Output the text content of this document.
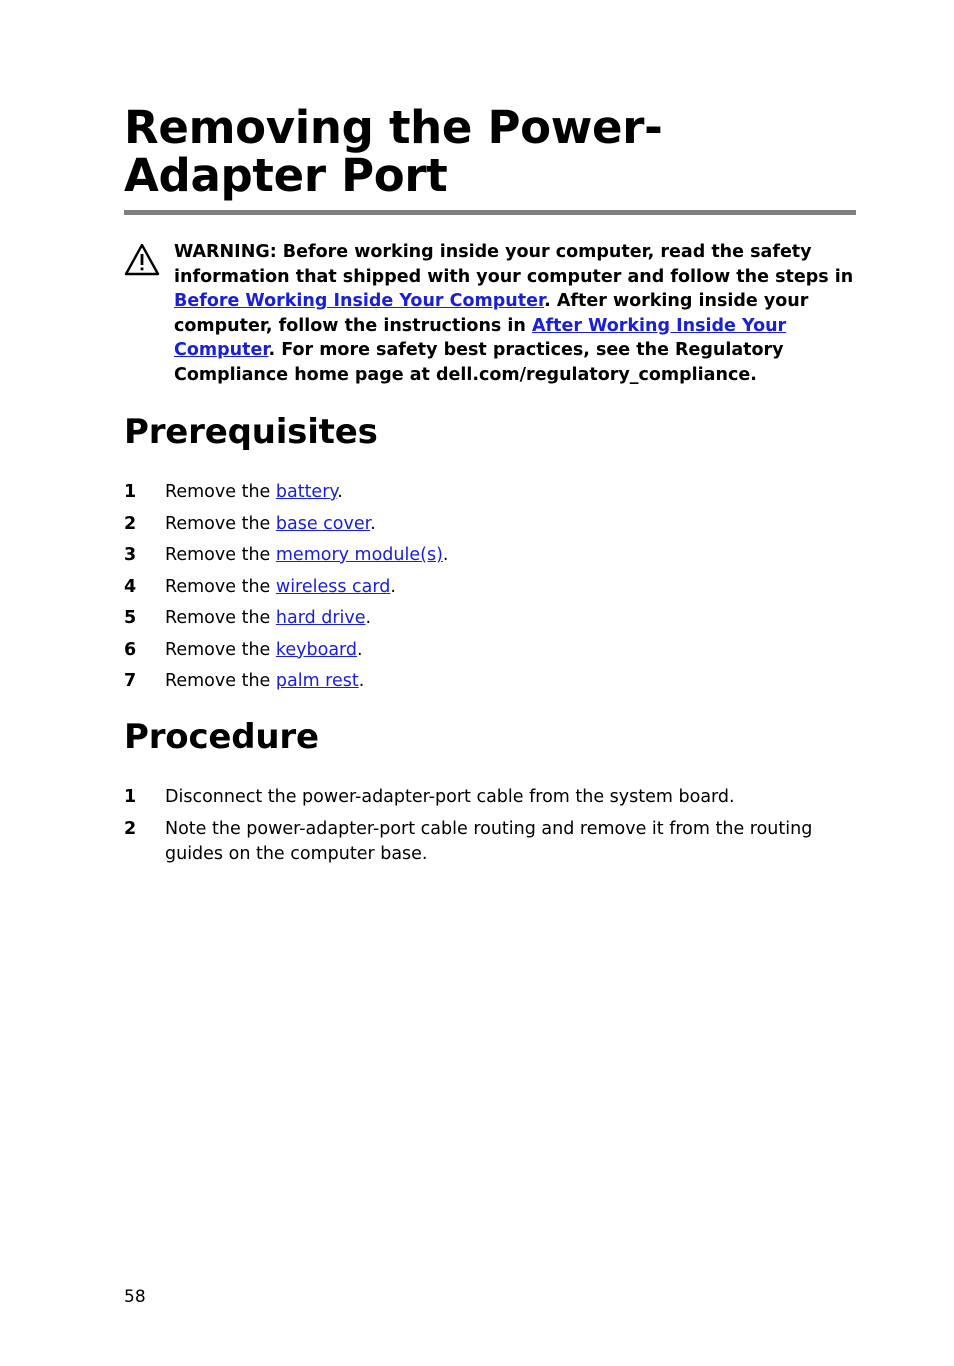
Removing the Power-Adapter Port
WARNING: Before working inside your computer, read the safety information that shipped with your computer and follow the steps in Before Working Inside Your Computer. After working inside your computer, follow the instructions in After Working Inside Your Computer. For more safety best practices, see the Regulatory Compliance home page at dell.com/regulatory_compliance.
Prerequisites
1	Remove the battery.
2	Remove the base cover.
3	Remove the memory module(s).
4	Remove the wireless card.
5	Remove the hard drive.
6	Remove the keyboard.
7	Remove the palm rest.
Procedure
1	Disconnect the power-adapter-port cable from the system board.
2	Note the power-adapter-port cable routing and remove it from the routing guides on the computer base.
58
